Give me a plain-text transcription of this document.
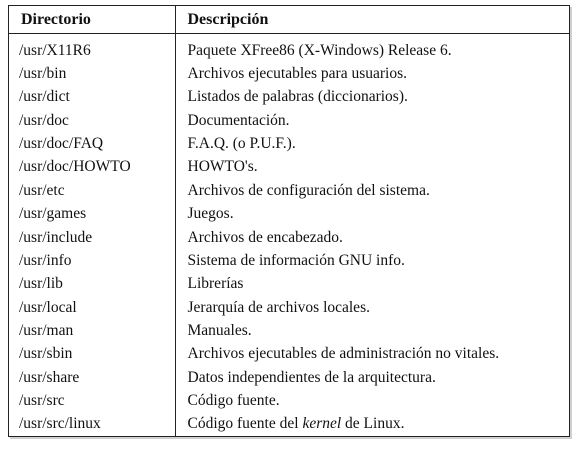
Directorio	Descripción

/usr/X11R6	Paquete XFree86 (X-Windows) Release 6.
/usr/bin	Archivos ejecutables para usuarios.
/usr/dict	Listados de palabras (diccionarios).
/usr/doc	Documentación.
/usr/doc/FAQ	F.A.Q. (o P.U.F.).
/usr/doc/HOWTO	HOWTO's.
/usr/etc	Archivos de configuración del sistema.
/usr/games	Juegos.
/usr/include	Archivos de encabezado.
/usr/info	Sistema de información GNU info.
/usr/lib	Librerías
/usr/local	Jerarquía de archivos locales.
/usr/man	Manuales.
/usr/sbin	Archivos ejecutables de administración no vitales.
/usr/share	Datos independientes de la arquitectura.
/usr/src	Código fuente.
/usr/src/linux	Código fuente del kernel de Linux.
